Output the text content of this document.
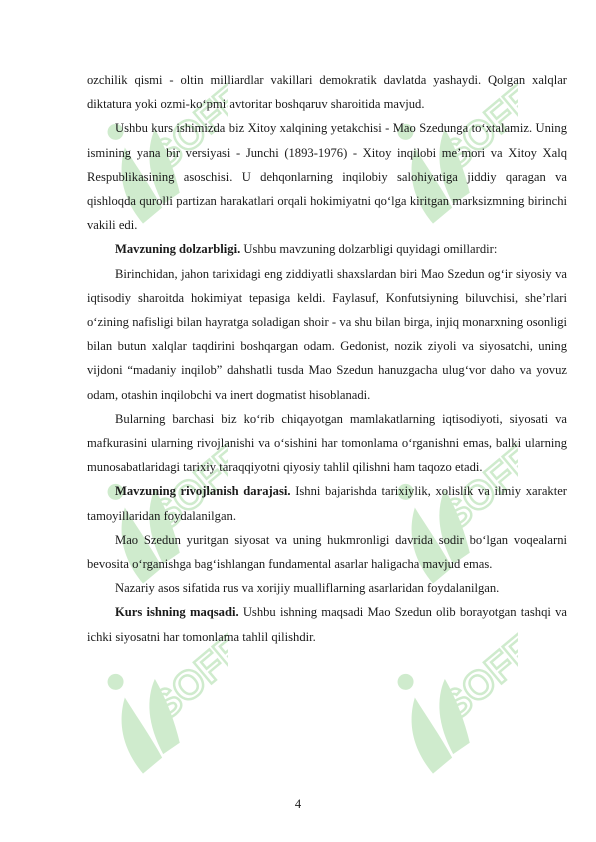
SOFF	SOFF
SOFF	SOFF
SOFF	SOFF

ozchilik qismi - oltin milliardlar vakillari demokratik davlatda yashaydi. Qolgan xalqlar diktatura yoki ozmi-koʻpmi avtoritar boshqaruv sharoitida mavjud.

Ushbu kurs ishimizda biz Xitoy xalqining yetakchisi - Mao Szedunga toʻxtalamiz. Uning ismining yana bir versiyasi - Junchi (1893-1976) - Xitoy inqilobi me’mori va Xitoy Xalq Respublikasining asoschisi. U dehqonlarning inqilobiy salohiyatiga jiddiy qaragan va qishloqda qurolli partizan harakatlari orqali hokimiyatni qoʻlga kiritgan marksizmning birinchi vakili edi.

Mavzuning dolzarbligi. Ushbu mavzuning dolzarbligi quyidagi omillardir:

Birinchidan, jahon tarixidagi eng ziddiyatli shaxslardan biri Mao Szedun ogʻir siyosiy va iqtisodiy sharoitda hokimiyat tepasiga keldi. Faylasuf, Konfutsiyning biluvchisi, she’rlari oʻzining nafisligi bilan hayratga soladigan shoir - va shu bilan birga, injiq monarxning osonligi bilan butun xalqlar taqdirini boshqargan odam. Gedonist, nozik ziyoli va siyosatchi, uning vijdoni “madaniy inqilob” dahshatli tusda Mao Szedun hanuzgacha ulugʻvor daho va yovuz odam, otashin inqilobchi va inert dogmatist hisoblanadi.

Bularning barchasi biz koʻrib chiqayotgan mamlakatlarning iqtisodiyoti, siyosati va mafkurasini ularning rivojlanishi va oʻsishini har tomonlama oʻrganishni emas, balki ularning munosabatlaridagi tarixiy taraqqiyotni qiyosiy tahlil qilishni ham taqozo etadi.

Mavzuning rivojlanish darajasi. Ishni bajarishda tarixiylik, xolislik va ilmiy xarakter tamoyillaridan foydalanilgan.

Mao Szedun yuritgan siyosat va uning hukmronligi davrida sodir boʻlgan voqealarni bevosita oʻrganishga bagʻishlangan fundamental asarlar haligacha mavjud emas.

Nazariy asos sifatida rus va xorijiy mualliflarning asarlaridan foydalanilgan.

Kurs ishning maqsadi. Ushbu ishning maqsadi Mao Szedun olib borayotgan tashqi va ichki siyosatni har tomonlama tahlil qilishdir.

4
